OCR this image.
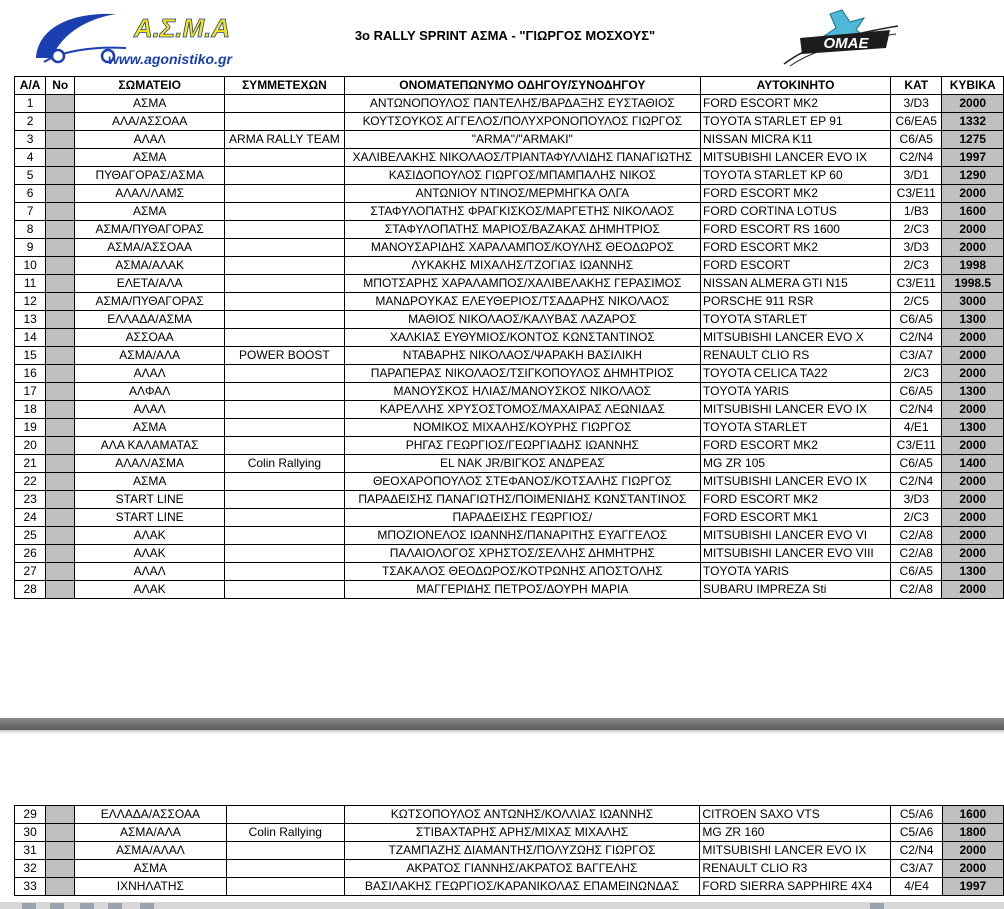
Α.Σ.Μ.Α
www.agonistiko.gr
3o RALLY SPRINT ΑΣΜΑ - "ΓΙΩΡΓΟΣ ΜΟΣΧΟΥΣ"	ΟΜΑΕ
Α/Α	No	ΣΩΜΑΤΕΙΟ	ΣΥΜΜΕΤΕΧΩΝ	ΟΝΟΜΑΤΕΠΩΝΥΜΟ ΟΔΗΓΟΥ/ΣΥΝΟΔΗΓΟΥ	ΑΥΤΟΚΙΝΗΤΟ	ΚΑΤ	ΚΥΒΙΚΑ
1		ΑΣΜΑ		ΑΝΤΩΝΟΠΟΥΛΟΣ ΠΑΝΤΕΛΗΣ/ΒΑΡΔΑΞΗΣ ΕΥΣΤΑΘΙΟΣ	FORD ESCORT MK2	3/D3	2000
2		ΑΛΑ/ΑΣΣΟΑΑ		ΚΟΥΤΣΟΥΚΟΣ ΑΓΓΕΛΟΣ/ΠΟΛΥΧΡΟΝΟΠΟΥΛΟΣ ΓΙΩΡΓΟΣ	TOYOTA STARLET EP 91	C6/EA5	1332
3		ΑΛΑΛ	ARMA RALLY TEAM	"ARMA"/"ARMAKI"	NISSAN MICRA K11	C6/A5	1275
4		ΑΣΜΑ		ΧΑΛΙΒΕΛΑΚΗΣ ΝΙΚΟΛΑΟΣ/ΤΡΙΑΝΤΑΦΥΛΛΙΔΗΣ ΠΑΝΑΓΙΩΤΗΣ	MITSUBISHI LANCER EVO IX	C2/N4	1997
5		ΠΥΘΑΓΟΡΑΣ/ΑΣΜΑ		ΚΑΣΙΔΟΠΟΥΛΟΣ ΓΙΩΡΓΟΣ/ΜΠΑΜΠΑΛΗΣ ΝΙΚΟΣ	TOYOTA STARLET KP 60	3/D1	1290
6		ΑΛΑΛ/ΛΑΜΣ		ΑΝΤΩΝΙΟΥ ΝΤΙΝΟΣ/ΜΕΡΜΗΓΚΑ ΟΛΓΑ	FORD ESCORT MK2	C3/E11	2000
7		ΑΣΜΑ		ΣΤΑΦΥΛΟΠΑΤΗΣ ΦΡΑΓΚΙΣΚΟΣ/ΜΑΡΓΕΤΗΣ ΝΙΚΟΛΑΟΣ	FORD CORTINA LOTUS	1/B3	1600
8		ΑΣΜΑ/ΠΥΘΑΓΟΡΑΣ		ΣΤΑΦΥΛΟΠΑΤΗΣ ΜΑΡΙΟΣ/ΒΑΖΑΚΑΣ ΔΗΜΗΤΡΙΟΣ	FORD ESCORT RS 1600	2/C3	2000
9		ΑΣΜΑ/ΑΣΣΟΑΑ		ΜΑΝΟΥΣΑΡΙΔΗΣ ΧΑΡΑΛΑΜΠΟΣ/ΚΟΥΛΗΣ ΘΕΟΔΩΡΟΣ	FORD ESCORT MK2	3/D3	2000
10		ΑΣΜΑ/ΑΛΑΚ		ΛΥΚΑΚΗΣ ΜΙΧΑΛΗΣ/ΤΖΟΓΙΑΣ ΙΩΑΝΝΗΣ	FORD ESCORT	2/C3	1998
11		ΕΛΕΤΑ/ΑΛΑ		ΜΠΟΤΣΑΡΗΣ ΧΑΡΑΛΑΜΠΟΣ/ΧΑΛΙΒΕΛΑΚΗΣ ΓΕΡΑΣΙΜΟΣ	NISSAN ALMERA GTI N15	C3/E11	1998.5
12		ΑΣΜΑ/ΠΥΘΑΓΟΡΑΣ		ΜΑΝΔΡΟΥΚΑΣ ΕΛΕΥΘΕΡΙΟΣ/ΤΣΑΔΑΡΗΣ ΝΙΚΟΛΑΟΣ	PORSCHE 911 RSR	2/C5	3000
13		ΕΛΛΑΔΑ/ΑΣΜΑ		ΜΑΘΙΟΣ ΝΙΚΟΛΑΟΣ/ΚΑΛΥΒΑΣ ΛΑΖΑΡΟΣ	TOYOTA STARLET	C6/A5	1300
14		ΑΣΣΟΑΑ		ΧΑΛΚΙΑΣ ΕΥΘΥΜΙΟΣ/ΚΟΝΤΟΣ ΚΩΝΣΤΑΝΤΙΝΟΣ	MITSUBISHI LANCER EVO X	C2/N4	2000
15		ΑΣΜΑ/ΑΛΑ	POWER BOOST	ΝΤΑΒΑΡΗΣ ΝΙΚΟΛΑΟΣ/ΨΑΡΑΚΗ ΒΑΣΙΛΙΚΗ	RENAULT CLIO RS	C3/A7	2000
16		ΑΛΑΛ		ΠΑΡΑΠΕΡΑΣ ΝΙΚΟΛΑΟΣ/ΤΣΙΓΚΟΠΟΥΛΟΣ ΔΗΜΗΤΡΙΟΣ	TOYOTA CELICA TA22	2/C3	2000
17		ΑΛΦΑΛ		ΜΑΝΟΥΣΚΟΣ ΗΛΙΑΣ/ΜΑΝΟΥΣΚΟΣ ΝΙΚΟΛΑΟΣ	TOYOTA YARIS	C6/A5	1300
18		ΑΛΑΛ		ΚΑΡΕΛΛΗΣ ΧΡΥΣΟΣΤΟΜΟΣ/ΜΑΧΑΙΡΑΣ ΛΕΩΝΙΔΑΣ	MITSUBISHI LANCER EVO IX	C2/N4	2000
19		ΑΣΜΑ		ΝΟΜΙΚΟΣ ΜΙΧΑΛΗΣ/ΚΟΥΡΗΣ ΓΙΩΡΓΟΣ	TOYOTA STARLET	4/E1	1300
20		ΑΛΑ ΚΑΛΑΜΑΤΑΣ		ΡΗΓΑΣ ΓΕΩΡΓΙΟΣ/ΓΕΩΡΓΙΑΔΗΣ ΙΩΑΝΝΗΣ	FORD ESCORT MK2	C3/E11	2000
21		ΑΛΑΛ/ΑΣΜΑ	Colin Rallying	EL NAK JR/ΒΙΓΚΟΣ ΑΝΔΡΕΑΣ	MG ZR 105	C6/A5	1400
22		ΑΣΜΑ		ΘΕΟΧΑΡΟΠΟΥΛΟΣ ΣΤΕΦΑΝΟΣ/ΚΟΤΣΑΛΗΣ ΓΙΩΡΓΟΣ	MITSUBISHI LANCER EVO IX	C2/N4	2000
23		START LINE		ΠΑΡΑΔΕΙΣΗΣ ΠΑΝΑΓΙΩΤΗΣ/ΠΟΙΜΕΝΙΔΗΣ ΚΩΝΣΤΑΝΤΙΝΟΣ	FORD ESCORT MK2	3/D3	2000
24		START LINE		ΠΑΡΑΔΕΙΣΗΣ ΓΕΩΡΓΙΟΣ/	FORD ESCORT MK1	2/C3	2000
25		ΑΛΑΚ		ΜΠΟΖΙΟΝΕΛΟΣ ΙΩΑΝΝΗΣ/ΠΑΝΑΡΙΤΗΣ ΕΥΑΓΓΕΛΟΣ	MITSUBISHI LANCER EVO VI	C2/A8	2000
26		ΑΛΑΚ		ΠΑΛΑΙΟΛΟΓΟΣ ΧΡΗΣΤΟΣ/ΣΕΛΛΗΣ ΔΗΜΗΤΡΗΣ	MITSUBISHI LANCER EVO VIII	C2/A8	2000
27		ΑΛΑΛ		ΤΣΑΚΑΛΟΣ ΘΕΟΔΩΡΟΣ/ΚΟΤΡΩΝΗΣ ΑΠΟΣΤΟΛΗΣ	TOYOTA YARIS	C6/A5	1300
28		ΑΛΑΚ		ΜΑΓΓΕΡΙΔΗΣ ΠΕΤΡΟΣ/ΔΟΥΡΗ ΜΑΡΙΑ	SUBARU IMPREZA Sti	C2/A8	2000
29		ΕΛΛΑΔΑ/ΑΣΣΟΑΑ		ΚΩΤΣΟΠΟΥΛΟΣ ΑΝΤΩΝΗΣ/ΚΟΛΛΙΑΣ ΙΩΑΝΝΗΣ	CITROEN SAXO VTS	C5/A6	1600
30		ΑΣΜΑ/ΑΛΑ	Colin Rallying	ΣΤΙΒΑΧΤΑΡΗΣ ΑΡΗΣ/ΜΙΧΑΣ ΜΙΧΑΛΗΣ	MG ZR 160	C5/A6	1800
31		ΑΣΜΑ/ΑΛΑΛ		ΤΖΑΜΠΑΖΗΣ ΔΙΑΜΑΝΤΗΣ/ΠΟΛΥΖΩΗΣ ΓΙΩΡΓΟΣ	MITSUBISHI LANCER EVO IX	C2/N4	2000
32		ΑΣΜΑ		ΑΚΡΑΤΟΣ ΓΙΑΝΝΗΣ/ΑΚΡΑΤΟΣ ΒΑΓΓΕΛΗΣ	RENAULT CLIO R3	C3/A7	2000
33		ΙΧΝΗΛΑΤΗΣ		ΒΑΣΙΛΑΚΗΣ ΓΕΩΡΓΙΟΣ/ΚΑΡΑΝΙΚΟΛΑΣ ΕΠΑΜΕΙΝΩΝΔΑΣ	FORD SIERRA SAPPHIRE 4X4	4/E4	1997
